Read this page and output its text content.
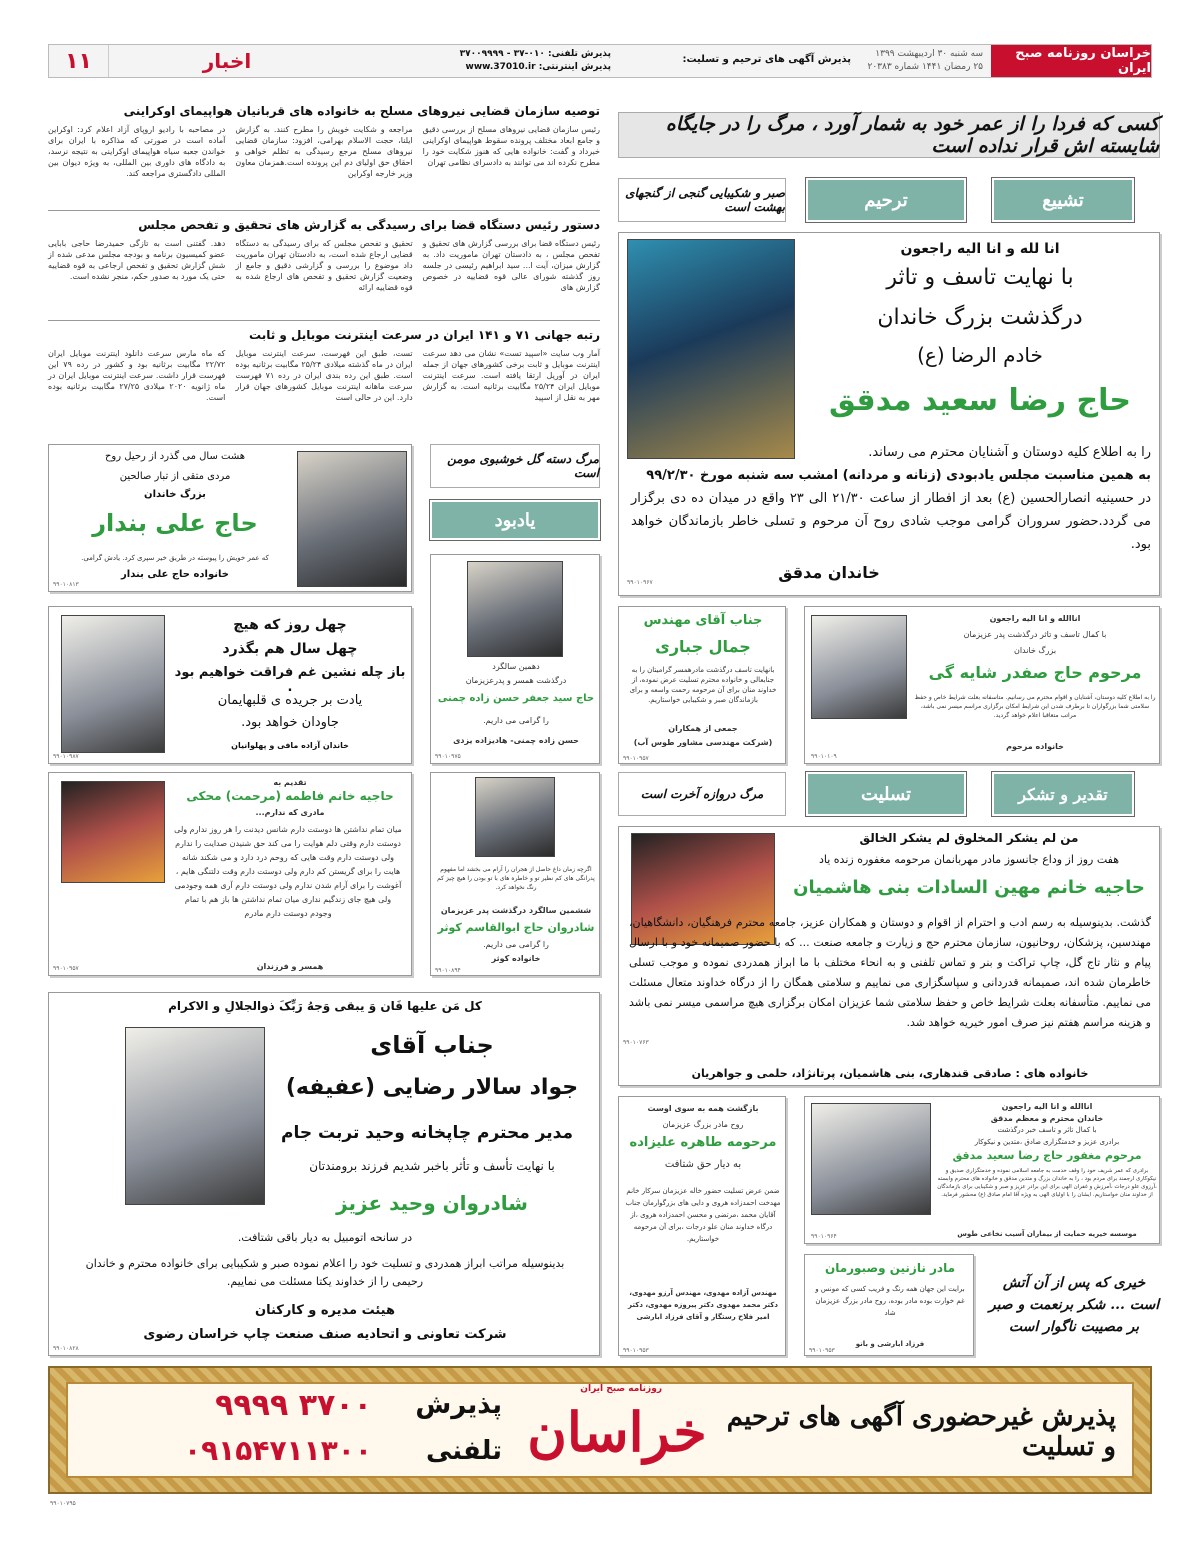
خراسان روزنامه صبح ایران
سه شنبه ۳۰ اردیبهشت ۱۳۹۹
۲۵ رمضان ۱۴۴۱ شماره ۲۰۳۸۳
پذیرش آگهی های ترحیم و تسلیت:
پذیرش تلفنی: ۰۱۰-۳۷ - ۳۷۰۰۹۹۹۹
پذیرش اینترنتی: www.37010.ir
اخبار
۱۱
توصیه سازمان قضایی نیروهای مسلح به خانواده های قربانیان هواپیمای اوکراینی

رئیس سازمان قضایی نیروهای مسلح از بررسی دقیق و جامع ابعاد مختلف پرونده سقوط هواپیمای اوکراینی خبرداد و گفت: خانواده هایی که هنوز شکایت خود را مطرح نکرده اند می توانند به دادسرای نظامی تهران

مراجعه و شکایت خویش را مطرح کنند. به گزارش ایلنا، حجت الاسلام بهرامی، افزود: سازمان قضایی نیروهای مسلح مرجع رسیدگی به تظلم خواهی و احقاق حق اولیای دم این پرونده است.همزمان معاون وزیر خارجه اوکراین

در مصاحبه با رادیو اروپای آزاد اعلام کرد: اوکراین آماده است در صورتی که مذاکره با ایران برای خواندن جعبه سیاه هواپیمای اوکراینی به نتیجه نرسد، به دادگاه های داوری بین المللی، به ویژه دیوان بین المللی دادگستری مراجعه کند.

دستور رئیس دستگاه قضا برای رسیدگی به گزارش های تحقیق و تفحص مجلس

رئیس دستگاه قضا برای بررسی گزارش های تحقیق و تفحص مجلس ، به دادستان تهران ماموریت داد. به گزارش میزان، آیت ا... سید ابراهیم رئیسی در جلسه روز گذشته شورای عالی قوه قضاییه در خصوص گزارش های

تحقیق و تفحص مجلس که برای رسیدگی به دستگاه قضایی ارجاع شده است، به دادستان تهران ماموریت داد موضوع را بررسی و گزارشی دقیق و جامع از وضعیت گزارش تحقیق و تفحص های ارجاع شده به قوه قضاییه ارائه

دهد. گفتنی است به تازگی حمیدرضا حاجی بابایی عضو کمیسیون برنامه و بودجه مجلس مدعی شده از شش گزارش تحقیق و تفحص ارجاعی به قوه قضاییه حتی یک مورد به صدور حکم، منجر نشده است.

رتبه جهانی ۷۱ و ۱۴۱ ایران در سرعت اینترنت موبایل و ثابت

آمار وب سایت «اسپید تست» نشان می دهد سرعت اینترنت موبایل و ثابت برخی کشورهای جهان از جمله ایران در آوریل ارتقا یافته است. سرعت اینترنت موبایل ایران ۲۵/۲۴ مگابیت برثانیه است. به گزارش مهر به نقل از اسپید

تست، طبق این فهرست، سرعت اینترنت موبایل ایران در ماه گذشته میلادی ۲۵/۲۴ مگابیت برثانیه بوده است. طبق این رده بندی ایران در رده ۷۱ فهرست سرعت ماهانه اینترنت موبایل کشورهای جهان قرار دارد. این در حالی است

که ماه مارس سرعت دانلود اینترنت موبایل ایران ۲۲/۷۲ مگابیت برثانیه بود و کشور در رده ۷۹ این فهرست قرار داشت. سرعت اینترنت موبایل ایران در ماه ژانویه ۲۰۲۰ میلادی ۲۷/۲۵ مگابیت برثانیه بوده است.

کسی که فردا را از عمر خود به شمار آورد ، مرگ را در جایگاه شایسته اش قرار نداده است
تشییع
ترحیم
صبر و شکیبایی گنجی از گنجهای بهشت است
انا لله و انا الیه راجعون
با نهایت تاسف و تاثر
درگذشت بزرگ خاندان
خادم الرضا (ع)
حاج رضا سعید مدقق
را به اطلاع کلیه دوستان و آشنایان محترم می رساند.
به همین مناسبت مجلس یادبودی (زنانه و مردانه) امشب سه شنبه مورخ ۹۹/۲/۳۰
در حسینیه انصارالحسین (ع) بعد از افطار از ساعت ۲۱/۳۰ الی ۲۳ واقع در میدان ده دی برگزار می گردد.حضور سروران گرامی موجب شادی روح آن مرحوم و تسلی خاطر بازماندگان خواهد بود.
خاندان مدقق
۹۹۰۱۰۹۶۷
هشت سال می گذرد از رحیل روح
مردی متقی از تبار صالحین
بزرگ خاندان
حاج علی بندار
که عمر خویش را پیوسته در طریق خیر سپری کرد. یادش گرامی.
خانواده حاج علی بندار
۹۹۰۱۰۸۱۳
مرگ دسته گل خوشبوی مومن است
یادبود
چهل روز که هیچ
چهل سال هم بگذرد
باز چله نشین غم فراقت خواهیم بود .
یادت بر جریده ی قلبهایمان
جاودان خواهد بود.
خاندان آزاده مافی و پهلوانیان
۹۹۰۱۰۹۸۷
دهمین سالگرد
درگذشت همسر و پدرعزیزمان
حاج سید جعفر حسن زاده چمنی
را گرامی می داریم.
حسن زاده چمنی- هادیزاده یزدی
۹۹۰۱۰۹۷۵
جناب آقای مهندس
جمال جباری
بانهایت تاسف درگذشت مادرهمسر گرامیتان را به جنابعالی و خانواده محترم تسلیت عرض نموده، از خداوند منان برای آن مرحومه رحمت واسعه و برای بازماندگان صبر و شکیبایی خواستاریم.
جمعی از همکاران
(شرکت مهندسی مشاور طوس آب)
۹۹۰۱۰۹۵۷
اناالله و انا الیه راجعون
با کمال تاسف و تاثر درگذشت پدر عزیزمان
بزرگ خاندان
مرحوم حاج صفدر شایه گی
را به اطلاع کلیه دوستان، آشنایان و اقوام محترم می رسانیم. متاسفانه بعلت شرایط خاص و حفظ سلامتی شما بزرگواران تا برطرف شدن این شرایط امکان برگزاری مراسم میسر نمی باشد، مراتب متعاقبا اعلام خواهد گردید.
خانواده مرحوم
۹۹۰۱۰۱۰۹
تقدیم به
حاجیه خانم فاطمه (مرحمت) محکی
مادری که ندارم...
میان تمام نداشتن ها دوستت دارم شانس دیدنت را هر روز ندارم ولی دوستت دارم وقتی دلم هوایت را می کند حق شنیدن صدایت را ندارم ولی دوستت دارم وقت هایی که روحم درد دارد و می شکند شانه هایت را برای گریستن کم دارم ولی دوستت دارم وقت دلتنگی هایم ، آغوشت را برای آرام شدن ندارم ولی دوستت دارم آری همه وجودمی ولی هیچ جای زندگیم نداری میان تمام نداشتن ها باز هم با تمام وجودم دوستت دارم مادرم
همسر و فرزندان
۹۹۰۱۰۹۵۷
اگرچه زمان داغ حاصل از هجران را آرام می بخشد اما مفهوم پدرانگی های کم نظیر تو و خاطره های با تو بودن را هیچ چیز کم رنگ نخواهد کرد.
ششمین سالگرد درگذشت پدر عزیزمان
شادروان حاج ابوالقاسم کوثر
را گرامی می داریم.
خانواده کوثر
۹۹۰۱۰۸۹۴
مرگ دروازه آخرت است	تسلیت	تقدیر و تشکر
من لم یشکر المخلوق لم یشکر الخالق
هفت روز از وداع جانسوز مادر مهربانمان مرحومه مغفوره زنده یاد
حاجیه خانم مهین السادات بنی هاشمیان
گذشت. بدینوسیله به رسم ادب و احترام از اقوام و دوستان و همکاران عزیز، جامعه محترم فرهنگیان، دانشگاهیان، مهندسین، پزشکان، روحانیون، سازمان محترم حج و زیارت و جامعه صنعت ... که با حضور صمیمانه خود و با ارسال پیام و نثار تاج گل، چاپ تراکت و بنر و تماس تلفنی و به انحاء مختلف با ما ابراز همدردی نموده و موجب تسلی خاطرمان شده اند، صمیمانه قدردانی و سپاسگزاری می نماییم و سلامتی همگان را از درگاه خداوند متعال مسئلت می نماییم. متأسفانه بعلت شرایط خاص و حفظ سلامتی شما عزیزان امکان برگزاری هیچ مراسمی میسر نمی باشد و هزینه مراسم هفتم نیز صرف امور خیریه خواهد شد.
خانواده های : صادقی قندهاری، بنی هاشمیان، پرتانژاد، حلمی و جواهریان
۹۹۰۱۰۷۶۳
کل مَن علیها فَان وَ یبقی وَجهُ رَبِّکَ ذوالجلالِ و الاکرام
جناب آقای
جواد سالار رضایی (عفیفه)
مدیر محترم چاپخانه وحید تربت جام
با نهایت تأسف و تأثر باخبر شدیم فرزند برومندتان
شادروان وحید عزیز
در سانحه اتومبیل به دیار باقی شتافت.
بدینوسیله مراتب ابراز همدردی و تسلیت خود را اعلام نموده صبر و شکیبایی برای خانواده محترم و خاندان رحیمی را از خداوند یکتا مسئلت می نماییم.
هیئت مدیره و کارکنان
شرکت تعاونی و اتحادیه صنف صنعت چاپ خراسان رضوی
۹۹۰۱۰۸۲۸
بازگشت همه به سوی اوست
روح مادر بزرگ عزیزمان
مرحومه طاهره علیزاده
به دیار حق شتافت
ضمن عرض تسلیت حضور خاله عزیزمان سرکار خانم مهدخت احمدزاده هروی و دایی های بزرگوارمان جناب آقایان محمد ،مرتضی و محسن احمدزاده هروی ،از درگاه خداوند منان علو درجات ،برای آن مرحومه خواستاریم.
مهندس آزاده مهدوی، مهندس آرزو مهدوی، دکتر محمد مهدوی دکتر پیروزه مهدوی، دکتر امیر فلاح رستگار و آقای فرزاد ابارشی
۹۹۰۱۰۹۵۳
اناالله و انا الیه راجعون
خاندان محترم و معظم مدقق
با کمال تاثر و تاسف خبر درگذشت
برادری عزیز و خدمتگزاری صادق ،متدین و نیکوکار
مرحوم مغفور حاج رضا سعید مدقق
برادری که عمر شریف خود را وقف خدمت به جامعه اسلامی نموده و خدمتگزاری صدیق و نیکوکاری ارجمند برای مردم بود ، را به خاندان بزرگ و متدین مدقق و خانواده های محترم وابسته ،آرزوی علو درجات ،آمرزش و غفران الهی برای این برادر عزیز و صبر و شکیبایی برای بازماندگان از خداوند منان خواستاریم. ایشان را با اولیای الهی به ویژه آقا امام صادق (ع) محشور فرماید.
موسسه خیریه حمایت از بیماران آسیب نخاعی طوس
۹۹۰۱۰۹۶۴
مادر نازنین وصبورمان
برایت این جهان همه رنگ و فریب کسی که مونس و غم خوارت بوده مادر بوده، روح مادر بزرگ عزیزمان شاد
فرزاد ابارشی و بانو
۹۹۰۱۰۹۵۳
خیری که پس از آن آتش است ... شکر برنعمت و صبر بر مصیبت ناگوار است
پذیرش غیرحضوری آگهی های ترحیم و تسلیت
خراسان
روزنامه صبح ایران
پذیرش
۹۹۹۹ ۳۷۰۰
تلفنی
۰۹۱۵۴۷۱۱۳۰۰
۹۹۰۱۰۷۹۵
